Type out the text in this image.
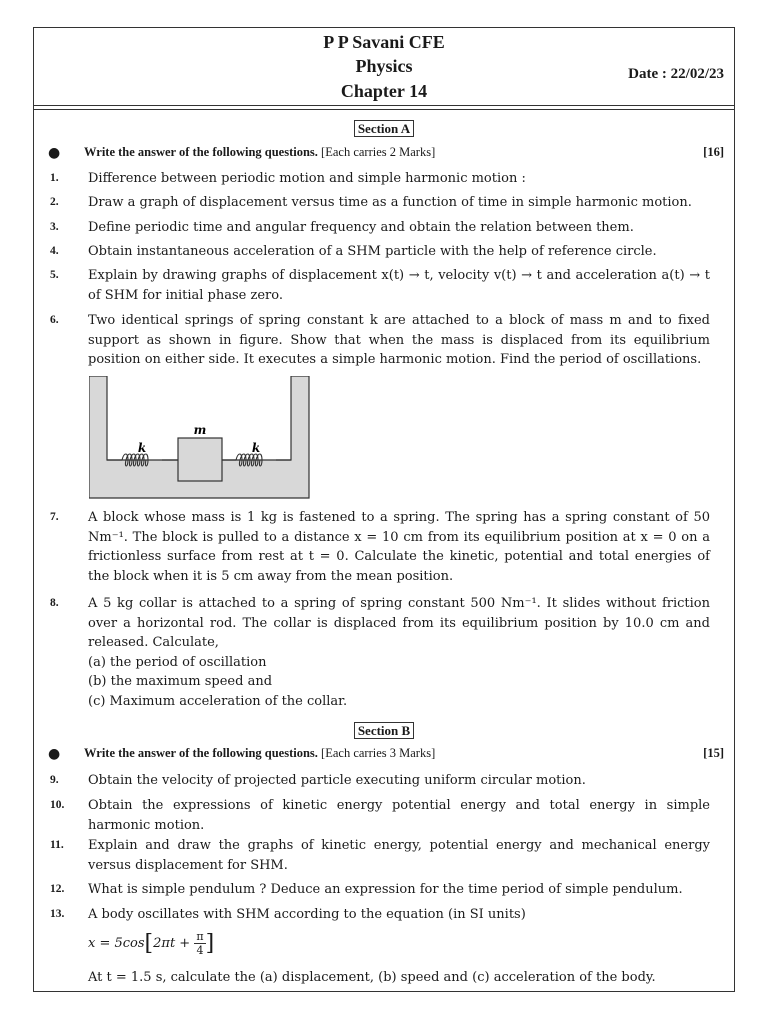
P P Savani CFE
Physics
Chapter 14
Date : 22/02/23
Section A
● Write the answer of the following questions. [Each carries 2 Marks]	[16]
1.	Difference between periodic motion and simple harmonic motion :
2.	Draw a graph of displacement versus time as a function of time in simple harmonic motion.
3.	Define periodic time and angular frequency and obtain the relation between them.
4.	Obtain instantaneous acceleration of a SHM particle with the help of reference circle.
5.	Explain by drawing graphs of displacement x(t) → t, velocity v(t) → t and acceleration a(t) → t of SHM for initial phase zero.
6.	Two identical springs of spring constant k are attached to a block of mass m and to fixed support as shown in figure. Show that when the mass is displaced from its equilibrium position on either side. It executes a simple harmonic motion. Find the period of oscillations.
m
k	k
7.	A block whose mass is 1 kg is fastened to a spring. The spring has a spring constant of 50 Nm⁻¹. The block is pulled to a distance x = 10 cm from its equilibrium position at x = 0 on a frictionless surface from rest at t = 0. Calculate the kinetic, potential and total energies of the block when it is 5 cm away from the mean position.
8.	A 5 kg collar is attached to a spring of spring constant 500 Nm⁻¹. It slides without friction over a horizontal rod. The collar is displaced from its equilibrium position by 10.0 cm and released. Calculate,
(a) the period of oscillation
(b) the maximum speed and
(c) Maximum acceleration of the collar.
Section B
● Write the answer of the following questions. [Each carries 3 Marks]	[15]
9.	Obtain the velocity of projected particle executing uniform circular motion.
10.	Obtain the expressions of kinetic energy potential energy and total energy in simple harmonic motion.
11.	Explain and draw the graphs of kinetic energy, potential energy and mechanical energy versus displacement for SHM.
12.	What is simple pendulum ? Deduce an expression for the time period of simple pendulum.
13.	A body oscillates with SHM according to the equation (in SI units)
$x = 5\cos[2\pi t + \frac{\pi}{4}$ ]
At t = 1.5 s, calculate the (a) displacement, (b) speed and (c) acceleration of the body.
